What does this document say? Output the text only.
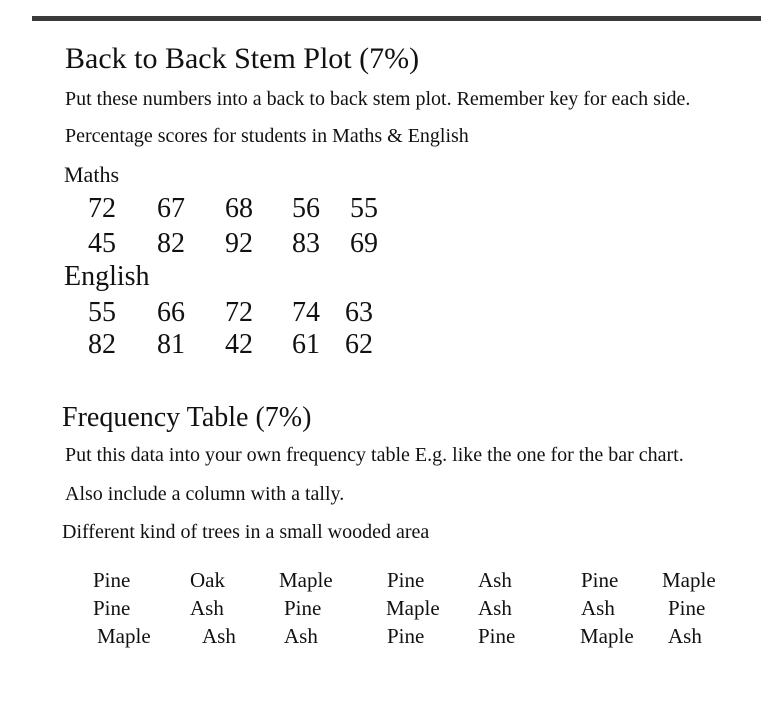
Back to Back Stem Plot (7%)
Put these numbers into a back to back stem plot. Remember key for each side.
Percentage scores for students in Maths & English
Maths
72 67 68 56 55
45 82 92 83 69
English
55 66 72 74 63
82 81 42 61 62
Frequency Table (7%)
Put this data into your own frequency table E.g. like the one for the bar chart.
Also include a column with a tally.
Different kind of trees in a small wooded area
Pine	Oak	Maple	Pine	Ash	Pine Maple
Pine	Ash	Pine	Maple Ash	Ash	Pine
Maple Ash Ash	Pine	Pine	Maple Ash
